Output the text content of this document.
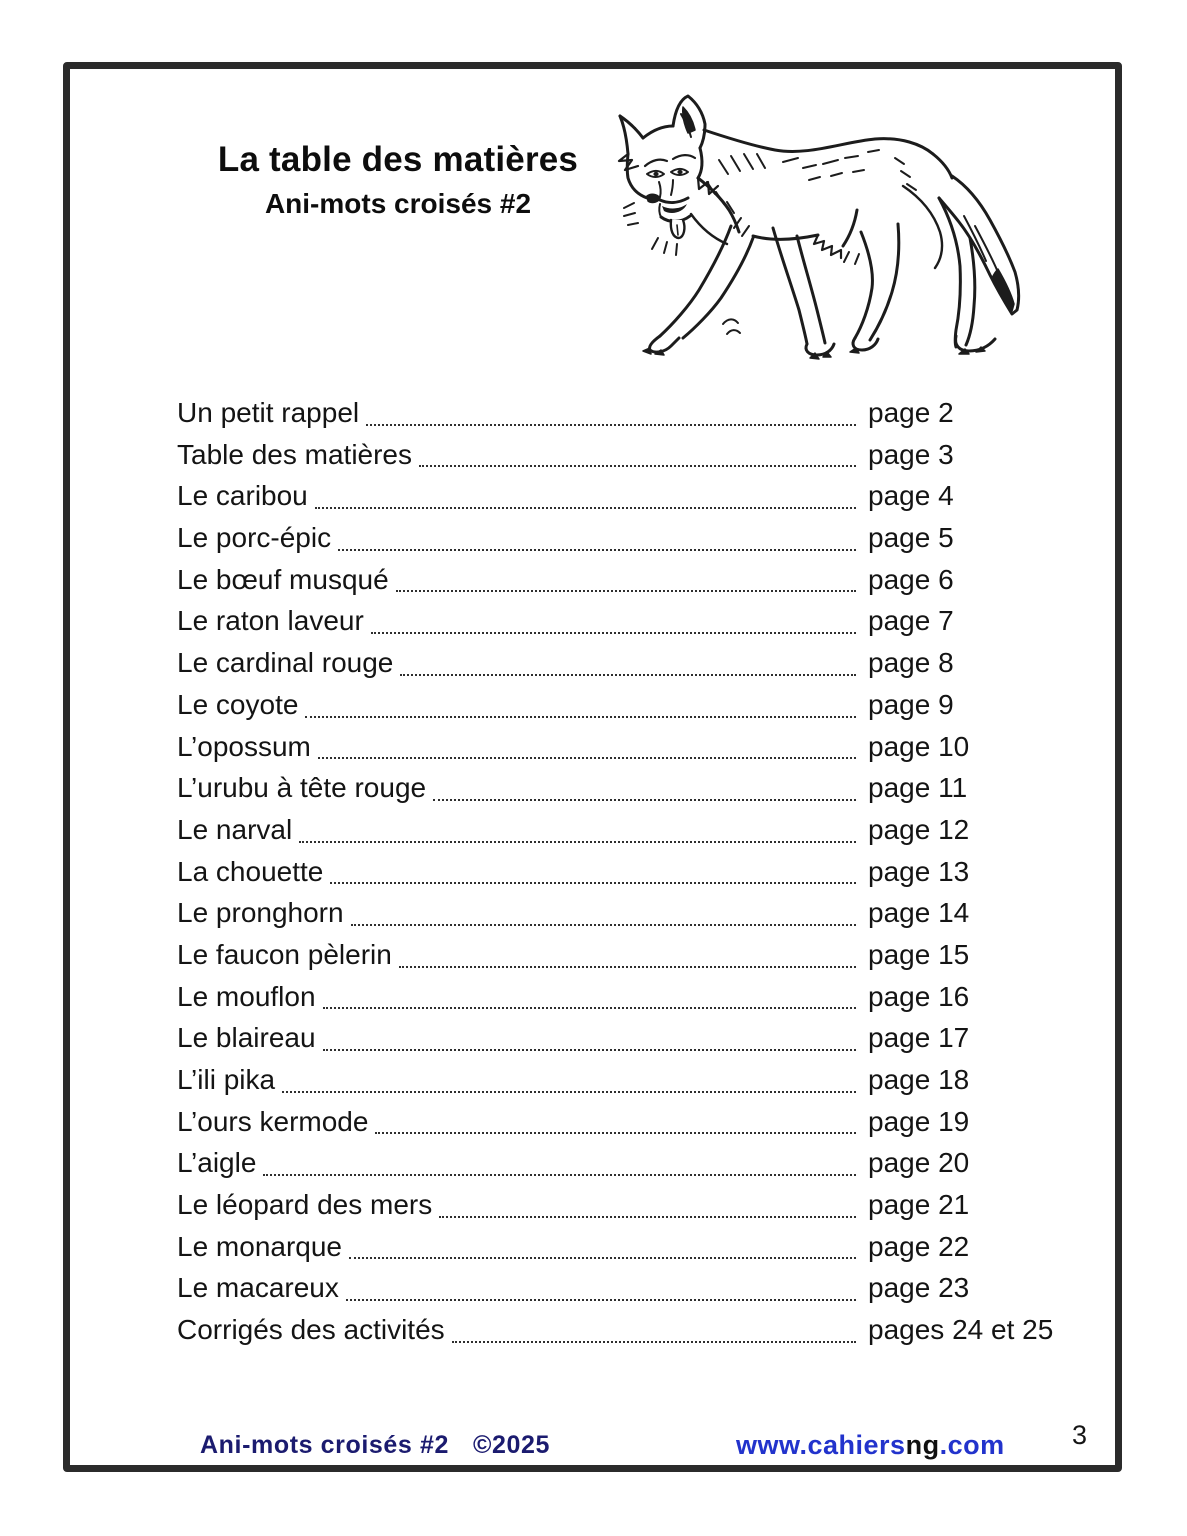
La table des matières
Ani-mots croisés #2
Un petit rappel	page 2
Table des matières	page 3
Le caribou	page 4
Le porc-épic	page 5
Le bœuf musqué	page 6
Le raton laveur	page 7
Le cardinal rouge	page 8
Le coyote	page 9
L’opossum	page 10
L’urubu à tête rouge	page 11
Le narval	page 12
La chouette	page 13
Le pronghorn	page 14
Le faucon pèlerin	page 15
Le mouflon	page 16
Le blaireau	page 17
L’ili pika	page 18
L’ours kermode	page 19
L’aigle	page 20
Le léopard des mers	page 21
Le monarque	page 22
Le macareux	page 23
Corrigés des activités	pages 24 et 25
Ani-mots croisés #2 ©2025	www.cahiersng.com 3
